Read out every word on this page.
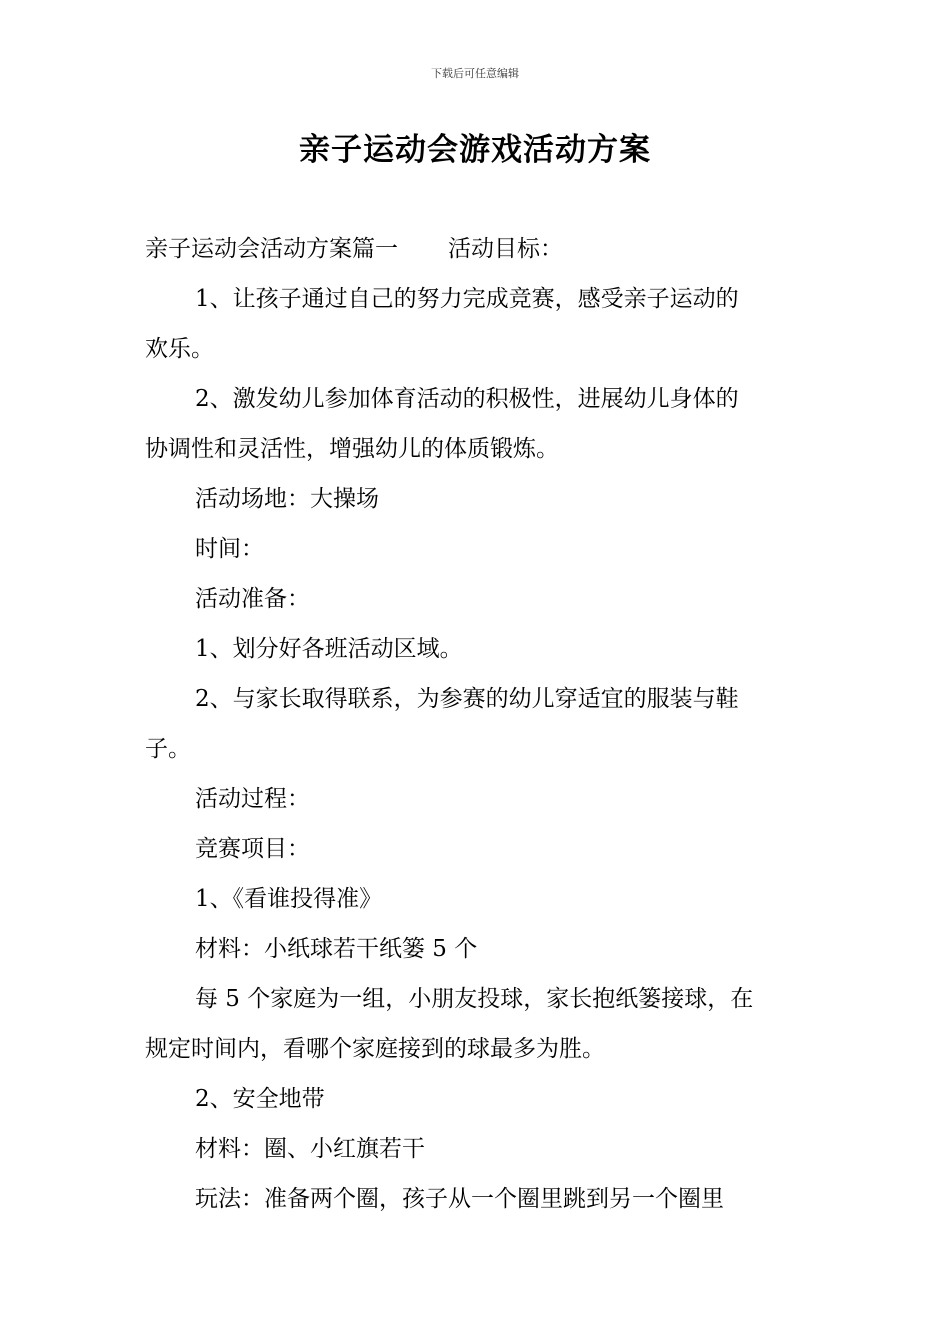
下载后可任意编辑
亲子运动会游戏活动方案

亲子运动会活动方案篇一 活动目标：

1、让孩子通过自己的努力完成竞赛，感受亲子运动的

欢乐。

2、激发幼儿参加体育活动的积极性，进展幼儿身体的

协调性和灵活性，增强幼儿的体质锻炼。

活动场地：大操场

时间：

活动准备：

1、划分好各班活动区域。

2、与家长取得联系，为参赛的幼儿穿适宜的服装与鞋

子。

活动过程：

竞赛项目：

1、《看谁投得准》

材料：小纸球若干纸篓 5 个

每 5 个家庭为一组，小朋友投球，家长抱纸篓接球，在

规定时间内，看哪个家庭接到的球最多为胜。

2、安全地带

材料：圈、小红旗若干

玩法：准备两个圈，孩子从一个圈里跳到另一个圈里
